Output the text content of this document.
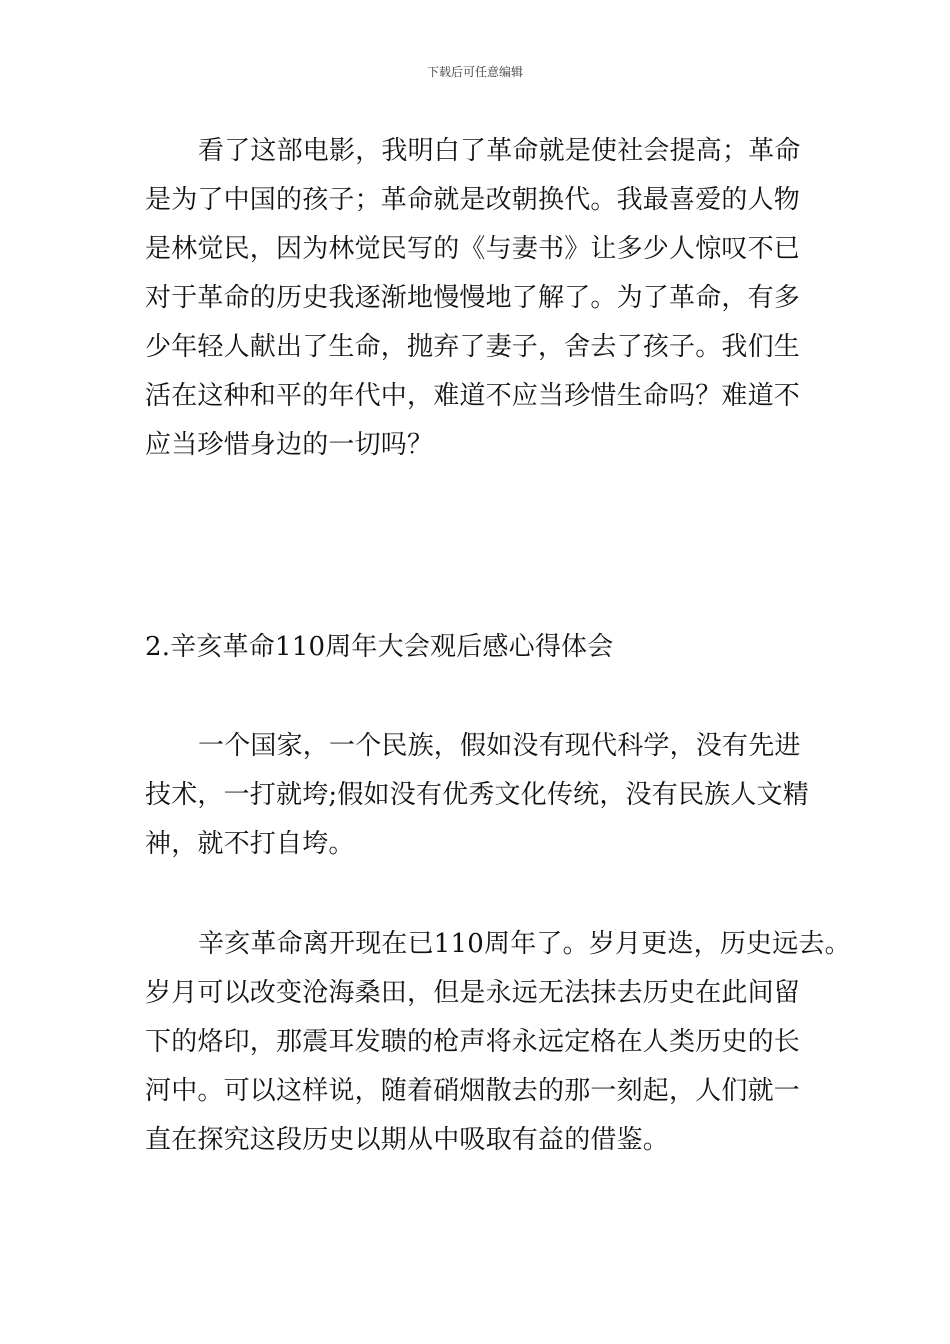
下载后可任意编辑
看了这部电影，我明白了革命就是使社会提高；革命
是为了中国的孩子；革命就是改朝换代。我最喜爱的人物
是林觉民，因为林觉民写的《与妻书》让多少人惊叹不已
对于革命的历史我逐渐地慢慢地了解了。为了革命，有多
少年轻人献出了生命，抛弃了妻子，舍去了孩子。我们生
活在这种和平的年代中，难道不应当珍惜生命吗？难道不
应当珍惜身边的一切吗？
2.辛亥革命110周年大会观后感心得体会
一个国家，一个民族，假如没有现代科学，没有先进
技术，一打就垮;假如没有优秀文化传统，没有民族人文精
神，就不打自垮。
辛亥革命离开现在已110周年了。岁月更迭，历史远去。
岁月可以改变沧海桑田，但是永远无法抹去历史在此间留
下的烙印，那震耳发聩的枪声将永远定格在人类历史的长
河中。可以这样说，随着硝烟散去的那一刻起，人们就一
直在探究这段历史以期从中吸取有益的借鉴。
